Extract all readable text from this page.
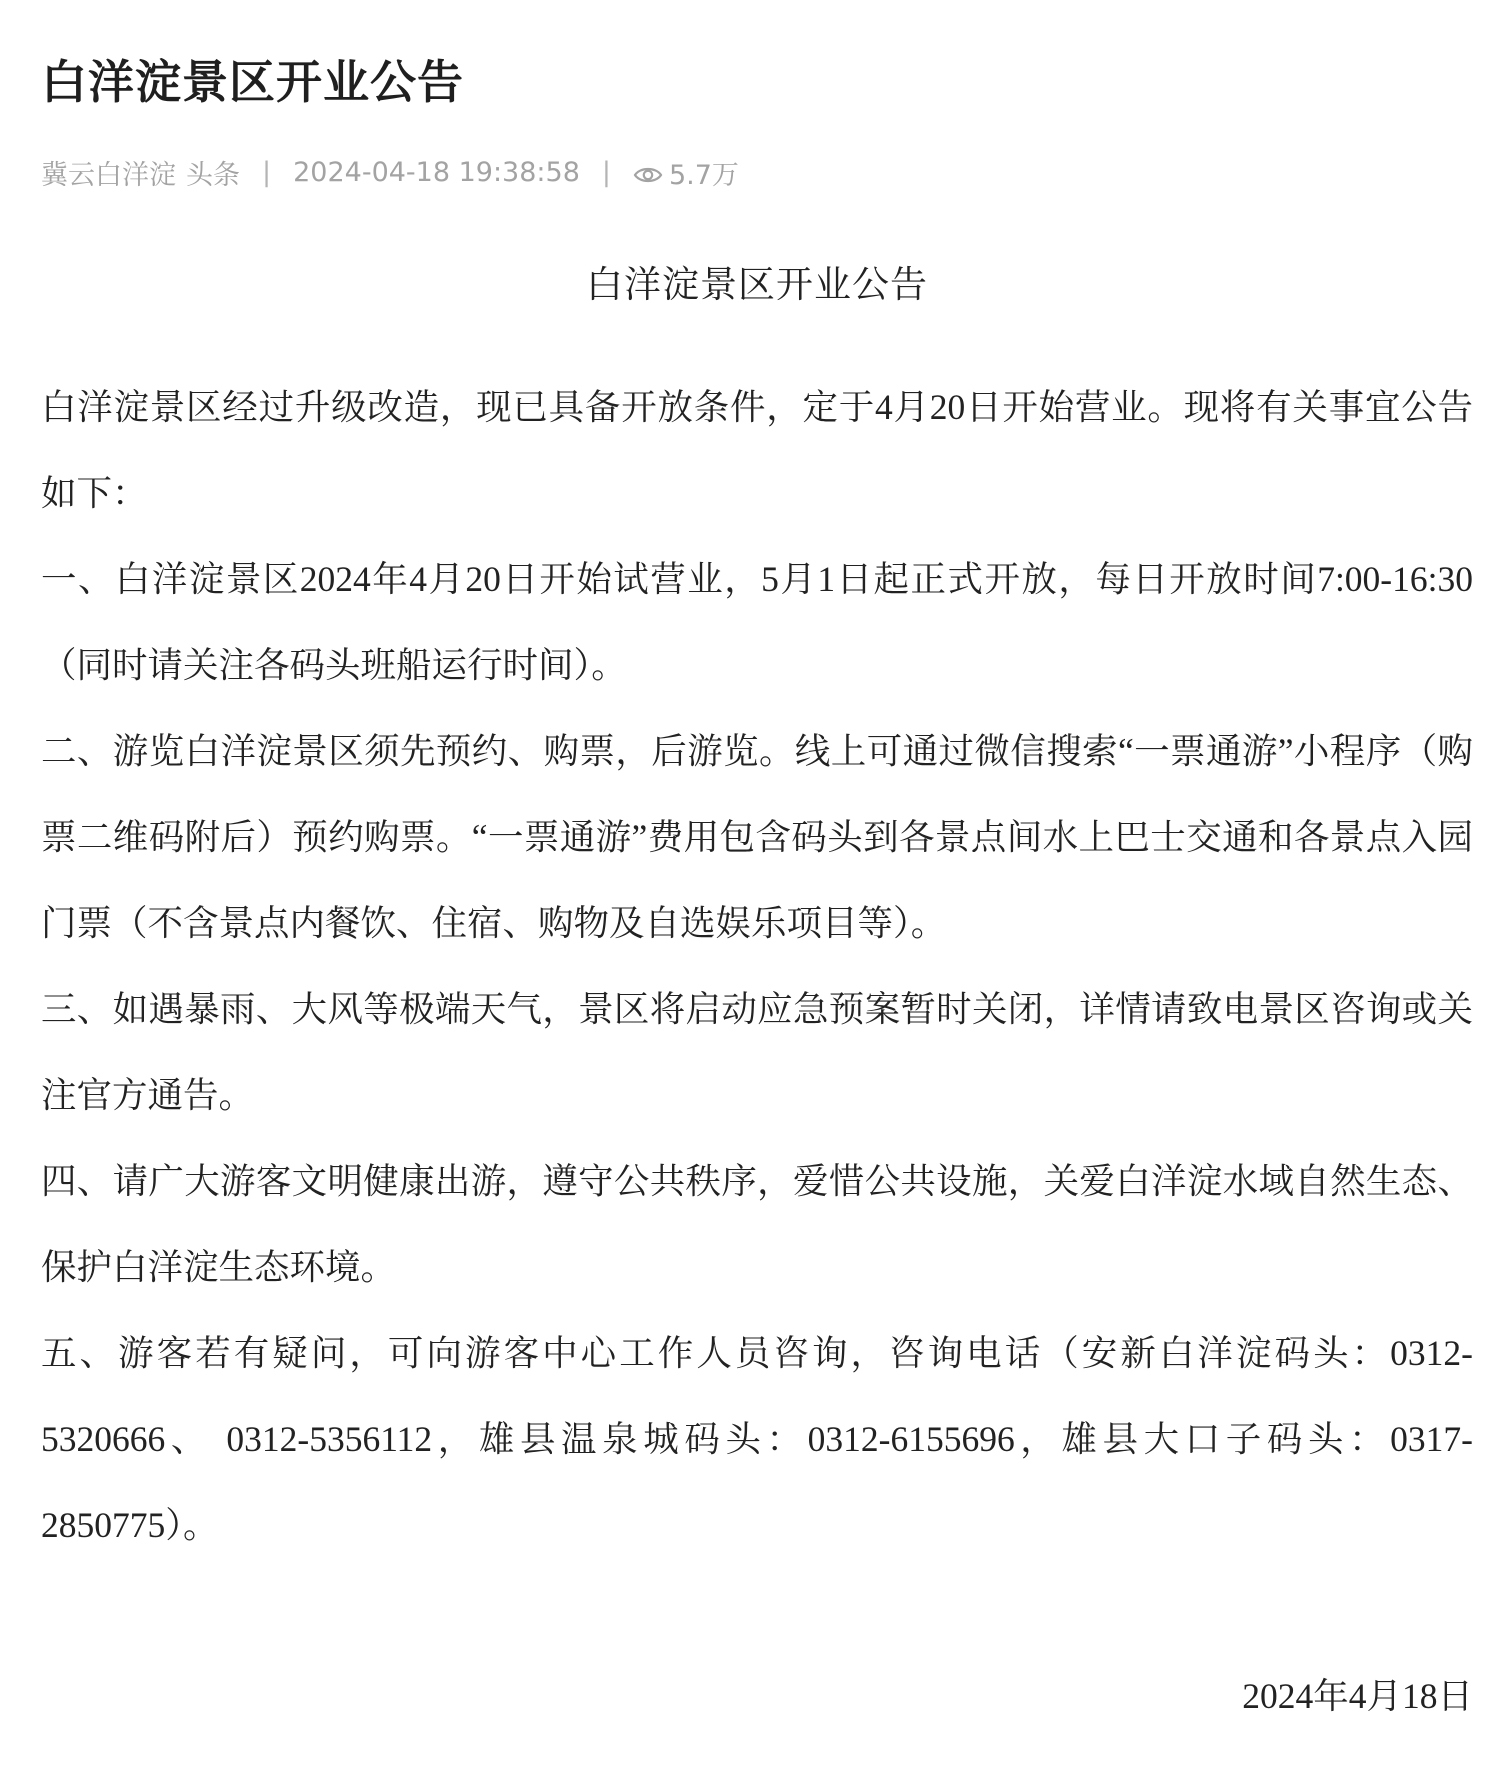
白洋淀景区开业公告
冀云白洋淀 头条 | 2024-04-18 19:38:58 | 5.7万
白洋淀景区开业公告

白洋淀景区经过升级改造，现已具备开放条件，定于4月20日开始营业。现将有关事宜公告如下：

一、白洋淀景区2024年4月20日开始试营业，5月1日起正式开放，每日开放时间7:00-16:30（同时请关注各码头班船运行时间）。

二、游览白洋淀景区须先预约、购票，后游览。线上可通过微信搜索“一票通游”小程序（购票二维码附后）预约购票。“一票通游”费用包含码头到各景点间水上巴士交通和各景点入园门票（不含景点内餐饮、住宿、购物及自选娱乐项目等）。

三、如遇暴雨、大风等极端天气，景区将启动应急预案暂时关闭，详情请致电景区咨询或关注官方通告。

四、请广大游客文明健康出游，遵守公共秩序，爱惜公共设施，关爱白洋淀水域自然生态、保护白洋淀生态环境。

五、游客若有疑问，可向游客中心工作人员咨询，咨询电话（安新白洋淀码头：0312-5320666、 0312-5356112，雄县温泉城码头：0312-6155696，雄县大口子码头：0317-2850775）。

2024年4月18日
